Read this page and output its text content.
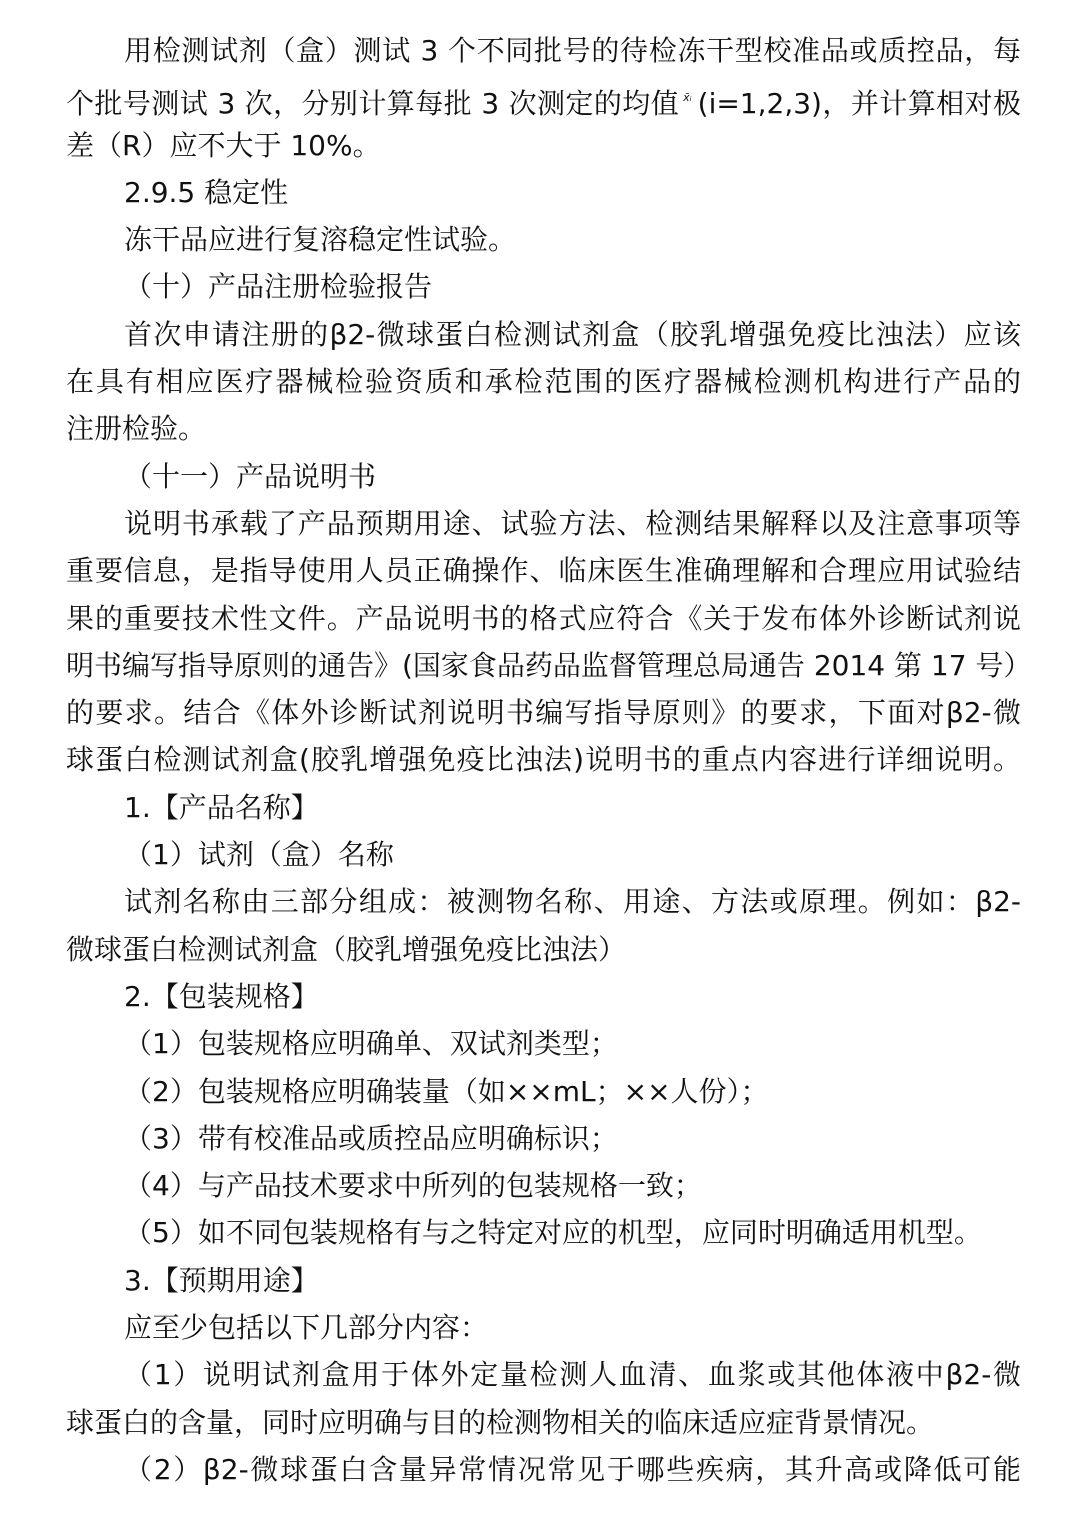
用检测试剂（盒）测试 3 个不同批号的待检冻干型校准品或质控品，每
个批号测试 3 次，分别计算每批 3 次测定的均值 $^{x̄ᵢ}$ (i=1,2,3)，并计算相对极
差（R）应不大于 10%。
2.9.5 稳定性
冻干品应进行复溶稳定性试验。
（十）产品注册检验报告
首次申请注册的β2-微球蛋白检测试剂盒（胶乳增强免疫比浊法）应该
在具有相应医疗器械检验资质和承检范围的医疗器械检测机构进行产品的
注册检验。
（十一）产品说明书
说明书承载了产品预期用途、试验方法、检测结果解释以及注意事项等
重要信息，是指导使用人员正确操作、临床医生准确理解和合理应用试验结
果的重要技术性文件。产品说明书的格式应符合《关于发布体外诊断试剂说
明书编写指导原则的通告》(国家食品药品监督管理总局通告 2014 第 17 号）
的要求。结合《体外诊断试剂说明书编写指导原则》的要求，下面对β2-微
球蛋白检测试剂盒(胶乳增强免疫比浊法)说明书的重点内容进行详细说明。
1.【产品名称】
（1）试剂（盒）名称
试剂名称由三部分组成：被测物名称、用途、方法或原理。例如：β2-
微球蛋白检测试剂盒（胶乳增强免疫比浊法）
2.【包装规格】
（1）包装规格应明确单、双试剂类型；
（2）包装规格应明确装量（如××mL；××人份）；
（3）带有校准品或质控品应明确标识；
（4）与产品技术要求中所列的包装规格一致；
（5）如不同包装规格有与之特定对应的机型，应同时明确适用机型。
3.【预期用途】
应至少包括以下几部分内容：
（1）说明试剂盒用于体外定量检测人血清、血浆或其他体液中β2-微
球蛋白的含量，同时应明确与目的检测物相关的临床适应症背景情况。
（2）β2-微球蛋白含量异常情况常见于哪些疾病，其升高或降低可能
